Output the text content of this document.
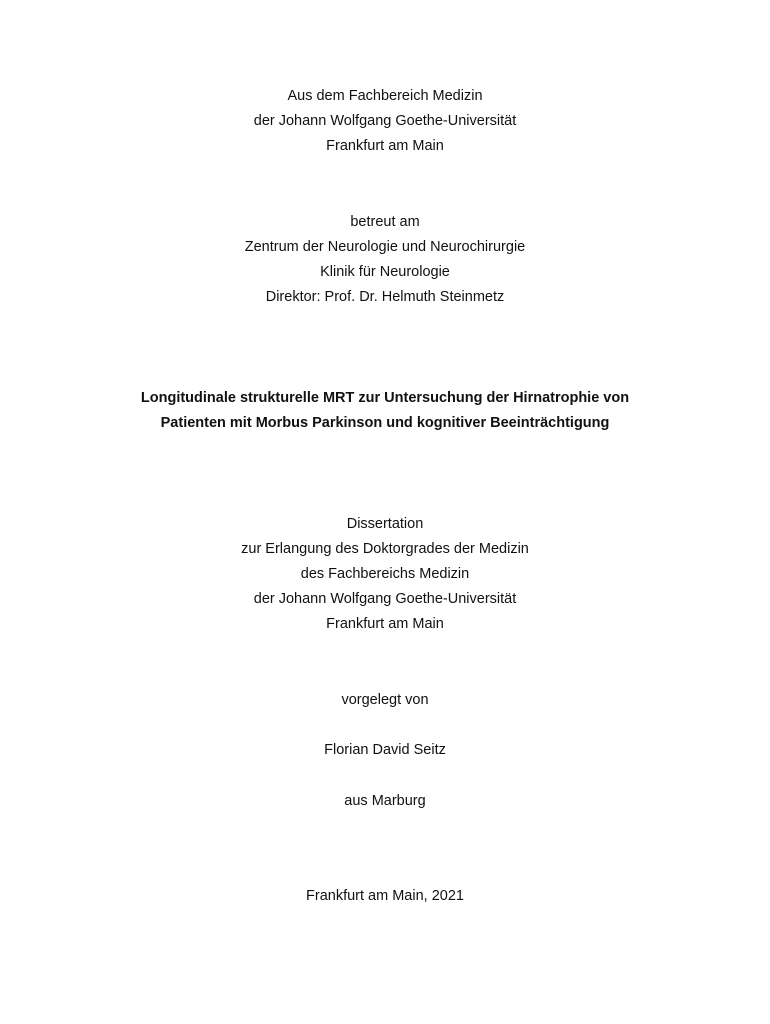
Aus dem Fachbereich Medizin
der Johann Wolfgang Goethe-Universität
Frankfurt am Main
betreut am
Zentrum der Neurologie und Neurochirurgie
Klinik für Neurologie
Direktor: Prof. Dr. Helmuth Steinmetz
Longitudinale strukturelle MRT zur Untersuchung der Hirnatrophie von
Patienten mit Morbus Parkinson und kognitiver Beeinträchtigung
Dissertation
zur Erlangung des Doktorgrades der Medizin
des Fachbereichs Medizin
der Johann Wolfgang Goethe-Universität
Frankfurt am Main
vorgelegt von
Florian David Seitz
aus Marburg
Frankfurt am Main, 2021
